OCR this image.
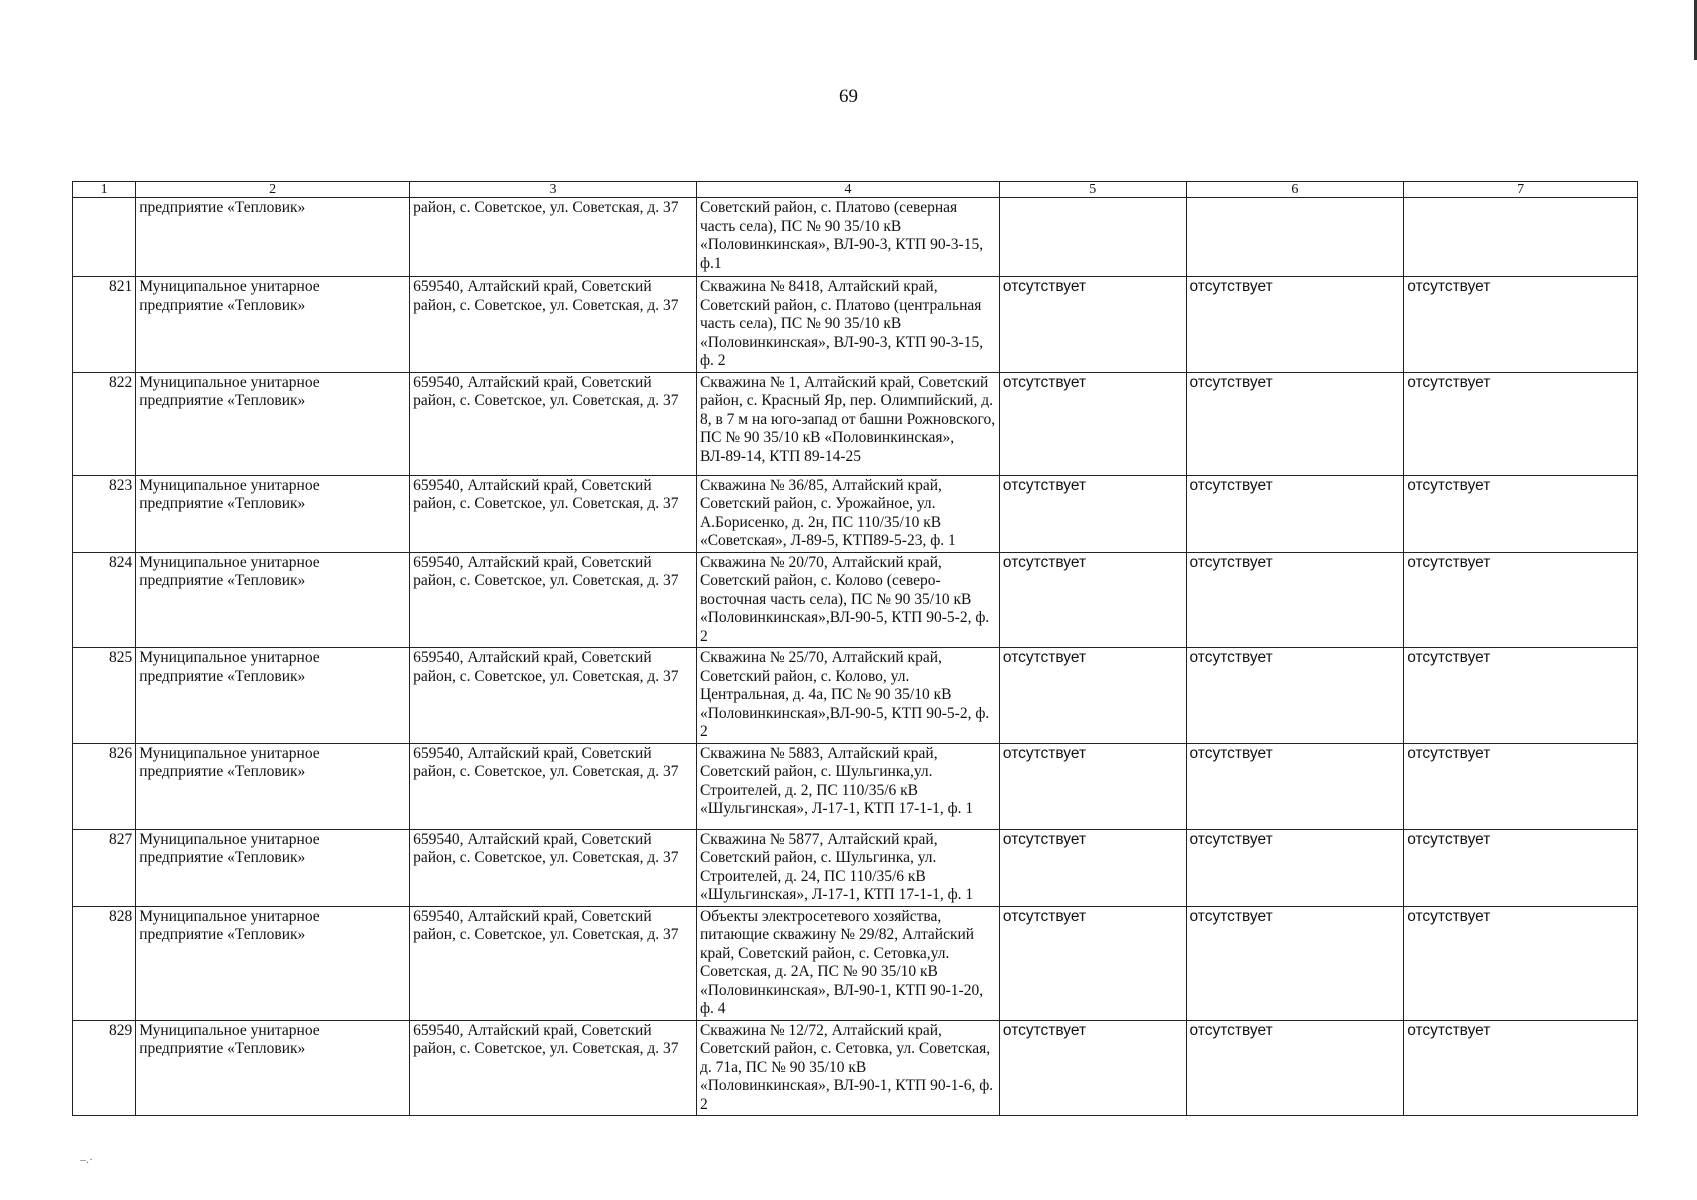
69
1	2	3	4	5	6	7
	предприятие «Тепловик»	район, с. Советское, ул. Советская, д. 37	Советский район, с. Платово (северная часть села), ПС № 90 35/10 кВ «Половинкинская», ВЛ-90-3, КТП 90-3-15, ф.1			
821	Муниципальное унитарное предприятие «Тепловик»	659540, Алтайский край, Советский район, с. Советское, ул. Советская, д. 37	Скважина № 8418, Алтайский край, Советский район, с. Платово (центральная часть села), ПС № 90 35/10 кВ «Половинкинская», ВЛ-90-3, КТП 90-3-15, ф. 2	отсутствует	отсутствует	отсутствует
822	Муниципальное унитарное предприятие «Тепловик»	659540, Алтайский край, Советский район, с. Советское, ул. Советская, д. 37	Скважина № 1, Алтайский край, Советский район, с. Красный Яр, пер. Олимпийский, д. 8, в 7 м на юго-запад от башни Рожновского, ПС № 90 35/10 кВ «Половинкинская», ВЛ-89-14, КТП 89-14-25	отсутствует	отсутствует	отсутствует
823	Муниципальное унитарное предприятие «Тепловик»	659540, Алтайский край, Советский район, с. Советское, ул. Советская, д. 37	Скважина № 36/85, Алтайский край, Советский район, с. Урожайное, ул. А.Борисенко, д. 2н, ПС 110/35/10 кВ «Советская», Л-89-5, КТП89-5-23, ф. 1	отсутствует	отсутствует	отсутствует
824	Муниципальное унитарное предприятие «Тепловик»	659540, Алтайский край, Советский район, с. Советское, ул. Советская, д. 37	Скважина № 20/70, Алтайский край, Советский район, с. Колово (северо-восточная часть села), ПС № 90 35/10 кВ «Половинкинская»,ВЛ-90-5, КТП 90-5-2, ф. 2	отсутствует	отсутствует	отсутствует
825	Муниципальное унитарное предприятие «Тепловик»	659540, Алтайский край, Советский район, с. Советское, ул. Советская, д. 37	Скважина № 25/70, Алтайский край, Советский район, с. Колово, ул. Центральная, д. 4а, ПС № 90 35/10 кВ «Половинкинская»,ВЛ-90-5, КТП 90-5-2, ф. 2	отсутствует	отсутствует	отсутствует
826	Муниципальное унитарное предприятие «Тепловик»	659540, Алтайский край, Советский район, с. Советское, ул. Советская, д. 37	Скважина № 5883, Алтайский край, Советский район, с. Шульгинка,ул. Строителей, д. 2, ПС 110/35/6 кВ «Шульгинская», Л-17-1, КТП 17-1-1, ф. 1	отсутствует	отсутствует	отсутствует
827	Муниципальное унитарное предприятие «Тепловик»	659540, Алтайский край, Советский район, с. Советское, ул. Советская, д. 37	Скважина № 5877, Алтайский край, Советский район, с. Шульгинка, ул. Строителей, д. 24, ПС 110/35/6 кВ «Шульгинская», Л-17-1, КТП 17-1-1, ф. 1	отсутствует	отсутствует	отсутствует
828	Муниципальное унитарное предприятие «Тепловик»	659540, Алтайский край, Советский район, с. Советское, ул. Советская, д. 37	Объекты электросетевого хозяйства, питающие скважину № 29/82, Алтайский край, Советский район, с. Сетовка,ул. Советская, д. 2А, ПС № 90 35/10 кВ «Половинкинская», ВЛ-90-1, КТП 90-1-20, ф. 4	отсутствует	отсутствует	отсутствует
829	Муниципальное унитарное предприятие «Тепловик»	659540, Алтайский край, Советский район, с. Советское, ул. Советская, д. 37	Скважина № 12/72, Алтайский край, Советский район, с. Сетовка, ул. Советская, д. 71а, ПС № 90 35/10 кВ «Половинкинская», ВЛ-90-1, КТП 90-1-6, ф. 2	отсутствует	отсутствует	отсутствует
–.·
